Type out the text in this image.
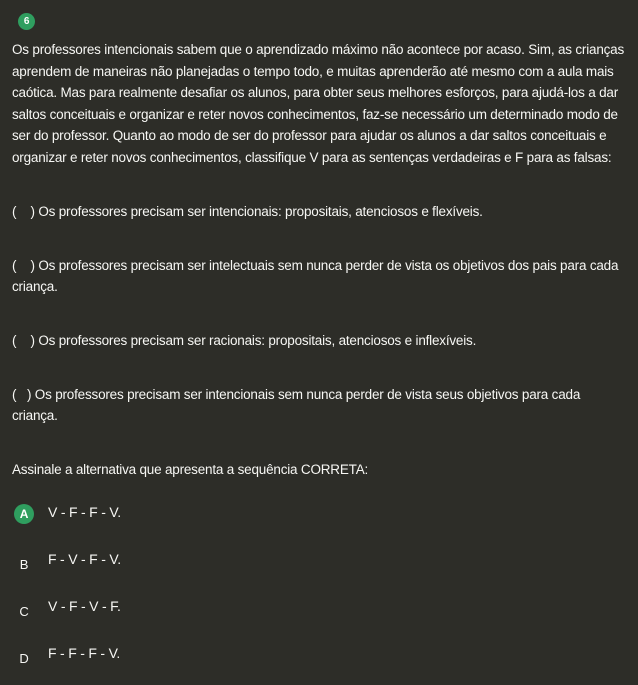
6

Os professores intencionais sabem que o aprendizado máximo não acontece por acaso. Sim, as crianças aprendem de maneiras não planejadas o tempo todo, e muitas aprenderão até mesmo com a aula mais caótica. Mas para realmente desafiar os alunos, para obter seus melhores esforços, para ajudá-los a dar saltos conceituais e organizar e reter novos conhecimentos, faz-se necessário um determinado modo de ser do professor. Quanto ao modo de ser do professor para ajudar os alunos a dar saltos conceituais e organizar e reter novos conhecimentos, classifique V para as sentenças verdadeiras e F para as falsas:

(    ) Os professores precisam ser intencionais: propositais, atenciosos e flexíveis.

(    ) Os professores precisam ser intelectuais sem nunca perder de vista os objetivos dos pais para cada criança.

(    ) Os professores precisam ser racionais: propositais, atenciosos e inflexíveis.

(   ) Os professores precisam ser intencionais sem nunca perder de vista seus objetivos para cada criança.

Assinale a alternativa que apresenta a sequência CORRETA:

A	V - F - F - V.
B	F - V - F - V.
C	V - F - V - F.
D	F - F - F - V.
